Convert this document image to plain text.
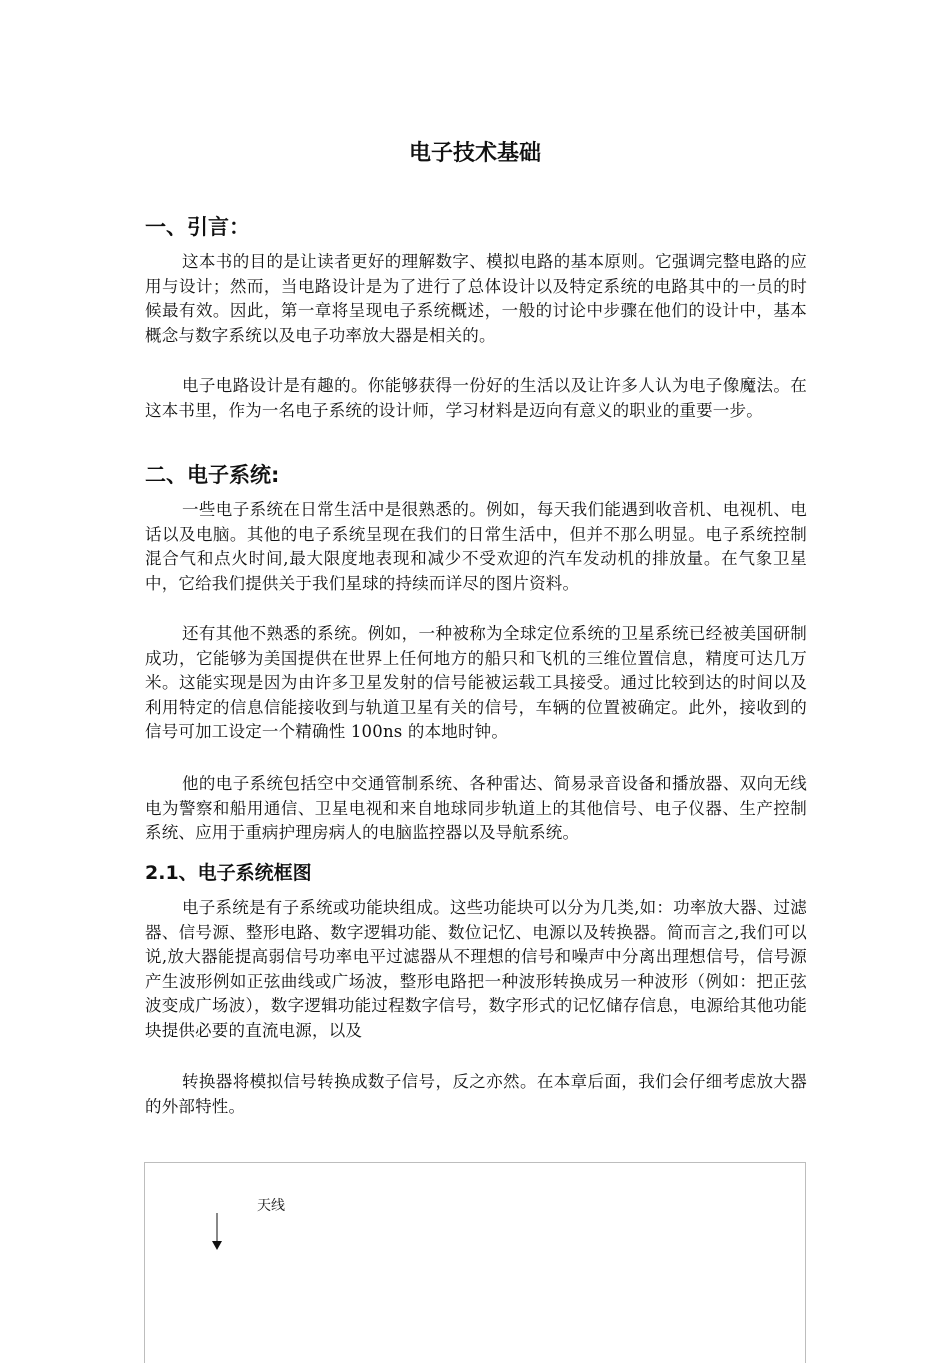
电子技术基础
一、引言：

这本书的目的是让读者更好的理解数字、模拟电路的基本原则。它强调完整电路的应用与设计；然而，当电路设计是为了进行了总体设计以及特定系统的电路其中的一员的时候最有效。因此，第一章将呈现电子系统概述，一般的讨论中步骤在他们的设计中，基本概念与数字系统以及电子功率放大器是相关的。

电子电路设计是有趣的。你能够获得一份好的生活以及让许多人认为电子像魔法。在这本书里，作为一名电子系统的设计师，学习材料是迈向有意义的职业的重要一步。

二、电子系统:

一些电子系统在日常生活中是很熟悉的。例如，每天我们能遇到收音机、电视机、电话以及电脑。其他的电子系统呈现在我们的日常生活中，但并不那么明显。电子系统控制混合气和点火时间,最大限度地表现和减少不受欢迎的汽车发动机的排放量。在气象卫星中，它给我们提供关于我们星球的持续而详尽的图片资料。

还有其他不熟悉的系统。例如，一种被称为全球定位系统的卫星系统已经被美国研制成功，它能够为美国提供在世界上任何地方的船只和飞机的三维位置信息，精度可达几万米。这能实现是因为由许多卫星发射的信号能被运载工具接受。通过比较到达的时间以及利用特定的信息信能接收到与轨道卫星有关的信号，车辆的位置被确定。此外，接收到的信号可加工设定一个精确性 100ns 的本地时钟。

他的电子系统包括空中交通管制系统、各种雷达、简易录音设备和播放器、双向无线电为警察和船用通信、卫星电视和来自地球同步轨道上的其他信号、电子仪器、生产控制系统、应用于重病护理房病人的电脑监控器以及导航系统。

2.1、电子系统框图

电子系统是有子系统或功能块组成。这些功能块可以分为几类,如：功率放大器、过滤器、信号源、整形电路、数字逻辑功能、数位记忆、电源以及转换器。简而言之,我们可以说,放大器能提高弱信号功率电平过滤器从不理想的信号和噪声中分离出理想信号，信号源产生波形例如正弦曲线或广场波，整形电路把一种波形转换成另一种波形（例如：把正弦波变成广场波），数字逻辑功能过程数字信号，数字形式的记忆储存信息，电源给其他功能块提供必要的直流电源，以及

转换器将模拟信号转换成数子信号，反之亦然。在本章后面，我们会仔细考虑放大器的外部特性。

天线
